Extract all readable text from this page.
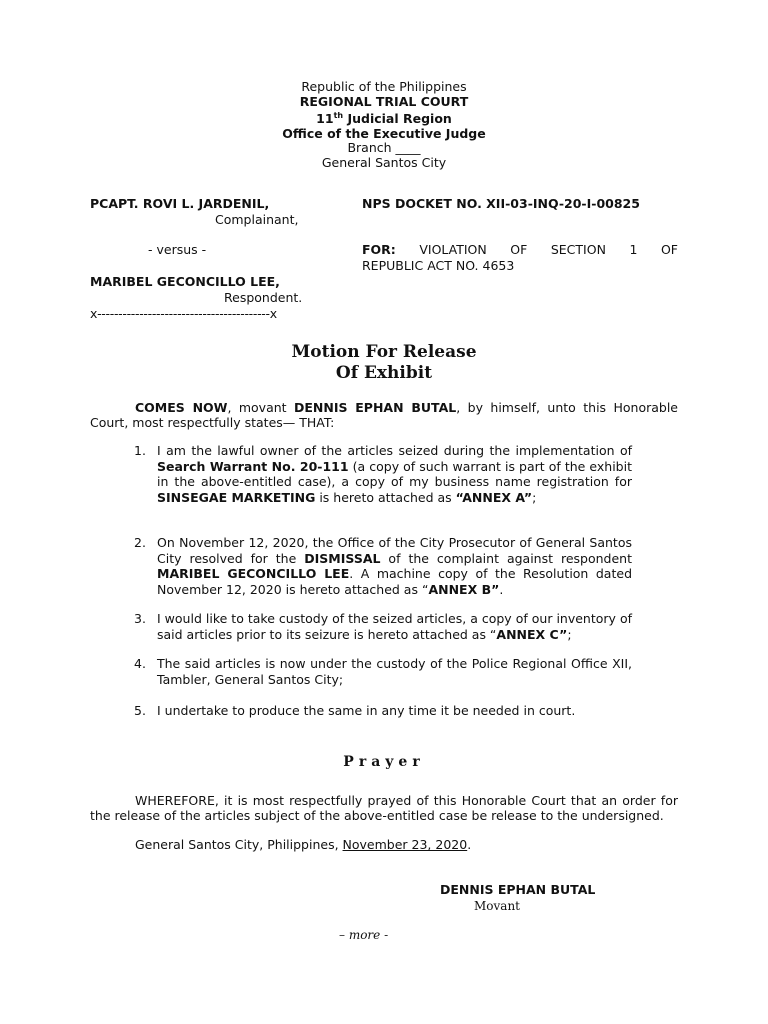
Republic of the Philippines
REGIONAL TRIAL COURT
11th Judicial Region
Office of the Executive Judge
Branch ____
General Santos City
PCAPT. ROVI L. JARDENIL,
Complainant,
- versus -
MARIBEL GECONCILLO LEE,
Respondent.
x-----------------------------------------x
NPS DOCKET NO. XII-03-INQ-20-I-00825
FOR: VIOLATION OF SECTION 1 OF
REPUBLIC ACT NO. 4653
Motion For Release
Of Exhibit
COMES NOW, movant DENNIS EPHAN BUTAL, by himself, unto this Honorable Court, most respectfully states— THAT:
1. I am the lawful owner of the articles seized during the implementation of Search Warrant No. 20-111 (a copy of such warrant is part of the exhibit in the above-entitled case), a copy of my business name registration for SINSEGAE MARKETING is hereto attached as “ANNEX A”;
2. On November 12, 2020, the Office of the City Prosecutor of General Santos City resolved for the DISMISSAL of the complaint against respondent MARIBEL GECONCILLO LEE. A machine copy of the Resolution dated November 12, 2020 is hereto attached as “ANNEX B”.
3. I would like to take custody of the seized articles, a copy of our inventory of said articles prior to its seizure is hereto attached as “ANNEX C”;
4. The said articles is now under the custody of the Police Regional Office XII, Tambler, General Santos City;
5. I undertake to produce the same in any time it be needed in court.
Prayer
WHEREFORE, it is most respectfully prayed of this Honorable Court that an order for the release of the articles subject of the above-entitled case be release to the undersigned.
General Santos City, Philippines, November 23, 2020.
DENNIS EPHAN BUTAL
Movant
– more -
